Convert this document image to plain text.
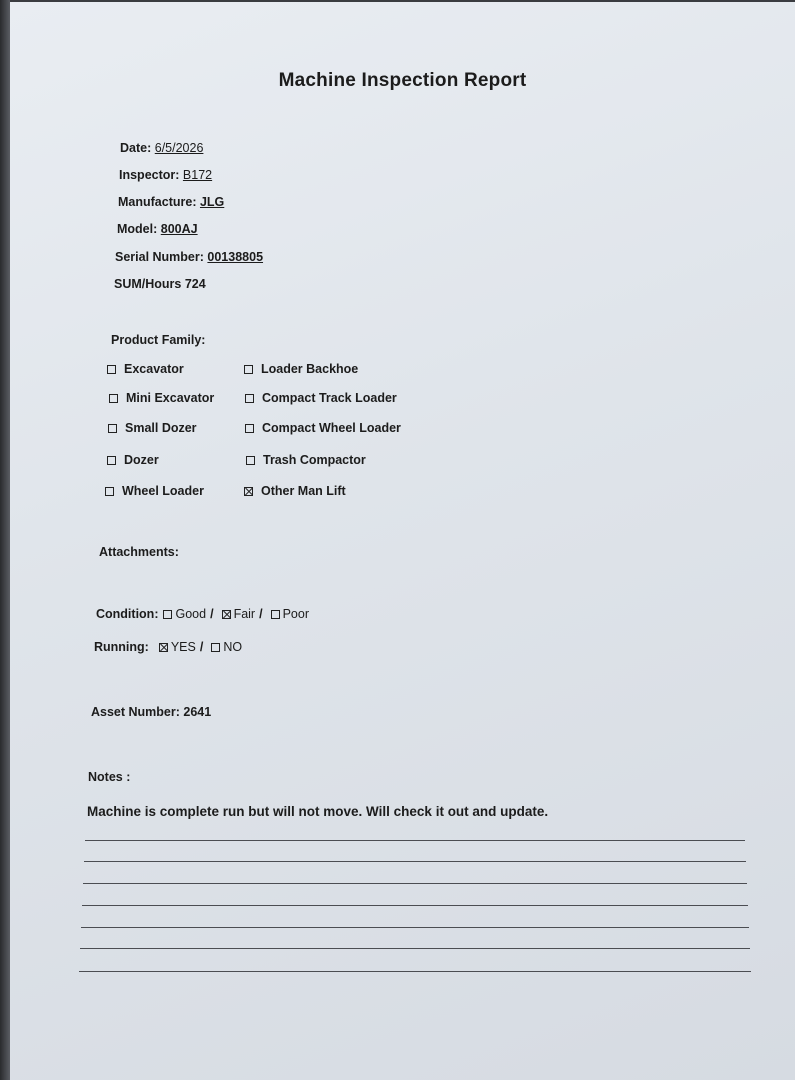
Machine Inspection Report
Date: 6/5/2026
Inspector: B172
Manufacture: JLG
Model: 800AJ
Serial Number: 00138805
SUM/Hours 724
Product Family:
Attachments:
Condition: Good / Fair / Poor
Running: YES / NO
Asset Number: 2641
Notes :
Machine is complete run but will not move. Will check it out and update.
Excavator
Mini Excavator
Small Dozer
Dozer
Wheel Loader
Loader Backhoe
Compact Track Loader
Compact Wheel Loader
Trash Compactor
Other Man Lift
